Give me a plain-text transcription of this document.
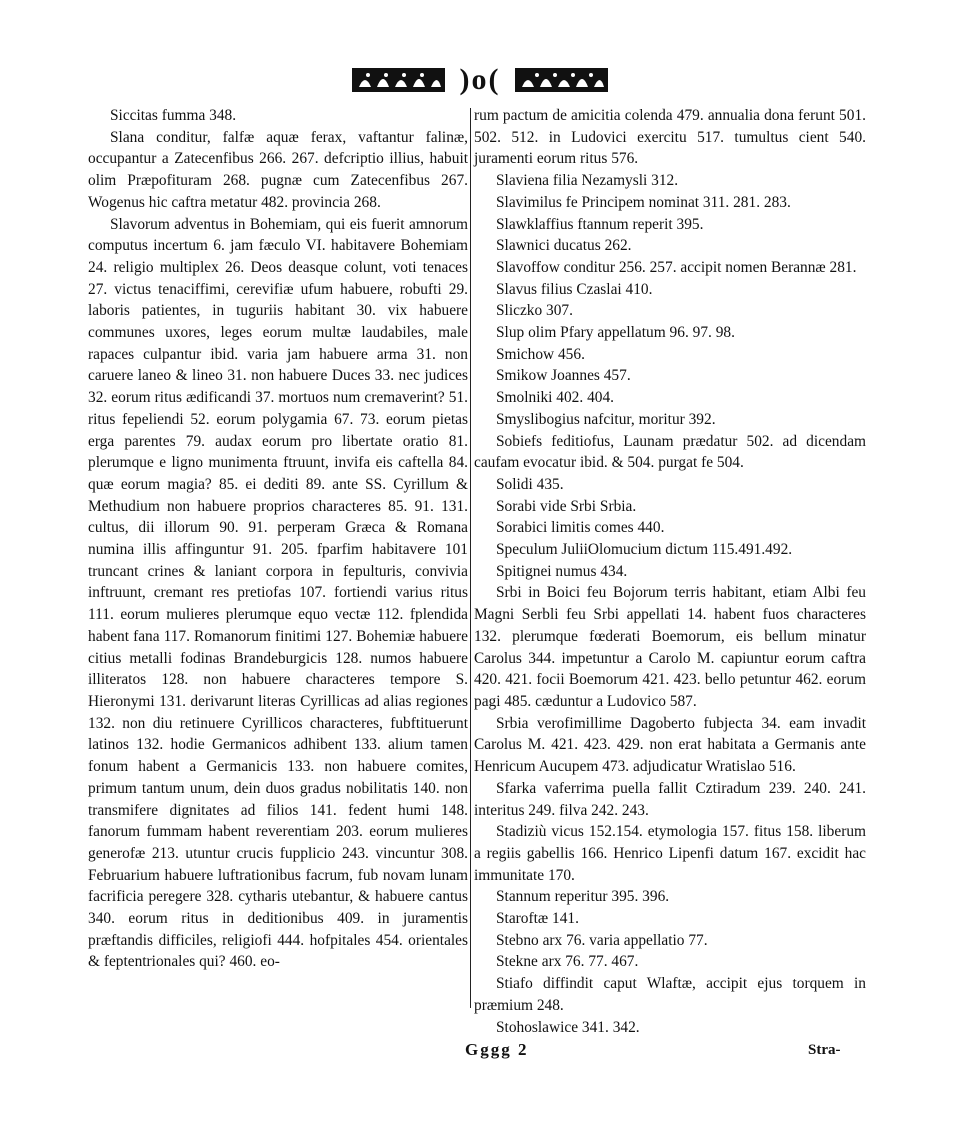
)o(

Siccitas fumma 348.

Slana conditur, falfæ aquæ ferax, vaftantur falinæ, occupantur a Zatecenfibus 266. 267. defcriptio illius, habuit olim Præpofituram 268. pugnæ cum Zatecenfibus 267. Wogenus hic caftra metatur 482. provincia 268.

Slavorum adventus in Bohemiam, qui eis fuerit amnorum computus incertum 6. jam fæculo VI. habitavere Bohemiam 24. religio multiplex 26. Deos deasque colunt, voti tenaces 27. victus tenaciffimi, cerevifiæ ufum habuere, robufti 29. laboris patientes, in tuguriis habitant 30. vix habuere communes uxores, leges eorum multæ laudabiles, male rapaces culpantur ibid. varia jam habuere arma 31. non caruere laneo & lineo 31. non habuere Duces 33. nec judices 32. eorum ritus ædificandi 37. mortuos num cremaverint? 51. ritus fepeliendi 52. eorum polygamia 67. 73. eorum pietas erga parentes 79. audax eorum pro libertate oratio 81. plerumque e ligno munimenta ftruunt, invifa eis caftella 84. quæ eorum magia? 85. ei dediti 89. ante SS. Cyrillum & Methudium non habuere proprios characteres 85. 91. 131. cultus, dii illorum 90. 91. perperam Græca & Romana numina illis affinguntur 91. 205. fparfim habitavere 101 truncant crines & laniant corpora in fepulturis, convivia inftruunt, cremant res pretiofas 107. fortiendi varius ritus 111. eorum mulieres plerumque equo vectæ 112. fplendida habent fana 117. Romanorum finitimi 127. Bohemiæ habuere citius metalli fodinas Brandeburgicis 128. numos habuere illiteratos 128. non habuere characteres tempore S. Hieronymi 131. derivarunt literas Cyrillicas ad alias regiones 132. non diu retinuere Cyrillicos characteres, fubftituerunt latinos 132. hodie Germanicos adhibent 133. alium tamen fonum habent a Germanicis 133. non habuere comites, primum tantum unum, dein duos gradus nobilitatis 140. non transmifere dignitates ad filios 141. fedent humi 148. fanorum fummam habent reverentiam 203. eorum mulieres generofæ 213. utuntur crucis fupplicio 243. vincuntur 308. Februarium habuere luftrationibus facrum, fub novam lunam facrificia peregere 328. cytharis utebantur, & habuere cantus 340. eorum ritus in deditionibus 409. in juramentis præftandis difficiles, religiofi 444. hofpitales 454. orientales & feptentrionales qui? 460. eo-

rum pactum de amicitia colenda 479. annualia dona ferunt 501. 502. 512. in Ludovici exercitu 517. tumultus cient 540. juramenti eorum ritus 576.

Slaviena filia Nezamysli 312.

Slavimilus fe Principem nominat 311. 281. 283.

Slawklaffius ftannum reperit 395.

Slawnici ducatus 262.

Slavoffow conditur 256. 257. accipit nomen Berannæ 281.

Slavus filius Czaslai 410.

Sliczko 307.

Slup olim Pfary appellatum 96. 97. 98.

Smichow 456.

Smikow Joannes 457.

Smolniki 402. 404.

Smyslibogius nafcitur, moritur 392.

Sobiefs feditiofus, Launam prædatur 502. ad dicendam caufam evocatur ibid. & 504. purgat fe 504.

Solidi 435.

Sorabi vide Srbi Srbia.

Sorabici limitis comes 440.

Speculum JuliiOlomucium dictum 115.491.492.

Spitignei numus 434.

Srbi in Boici feu Bojorum terris habitant, etiam Albi feu Magni Serbli feu Srbi appellati 14. habent fuos characteres 132. plerumque fœderati Boemorum, eis bellum minatur Carolus 344. impetuntur a Carolo M. capiuntur eorum caftra 420. 421. focii Boemorum 421. 423. bello petuntur 462. eorum pagi 485. cæduntur a Ludovico 587.

Srbia verofimillime Dagoberto fubjecta 34. eam invadit Carolus M. 421. 423. 429. non erat habitata a Germanis ante Henricum Aucupem 473. adjudicatur Wratislao 516.

Sfarka vaferrima puella fallit Cztiradum 239. 240. 241. interitus 249. filva 242. 243.

Stadiziù vicus 152.154. etymologia 157. fitus 158. liberum a regiis gabellis 166. Henrico Lipenfi datum 167. excidit hac immunitate 170.

Stannum reperitur 395. 396.

Staroftæ 141.

Stebno arx 76. varia appellatio 77.

Stekne arx 76. 77. 467.

Stiafo diffindit caput Wlaftæ, accipit ejus torquem in præmium 248.

Stohoslawice 341. 342.

Gggg 2	Stra-
